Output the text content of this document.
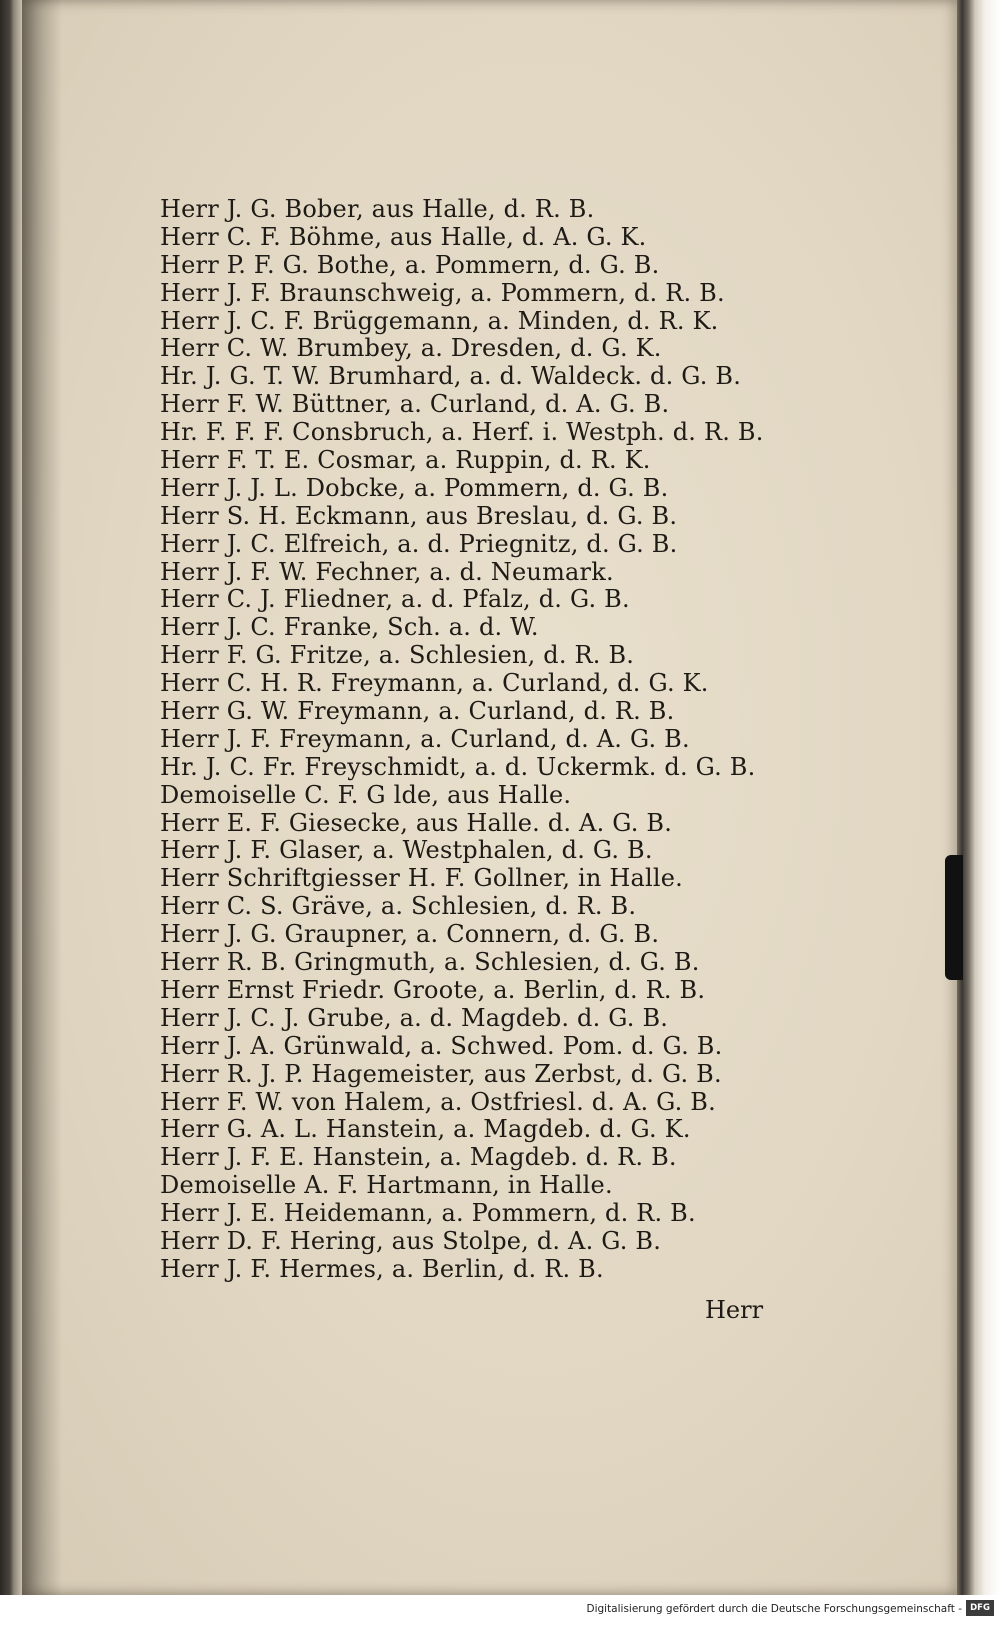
Herr J. G. Bober, aus Halle, d. R. B.
Herr C. F. Böhme, aus Halle, d. A. G. K.
Herr P. F. G. Bothe, a. Pommern, d. G. B.
Herr J. F. Braunschweig, a. Pommern, d. R. B.
Herr J. C. F. Brüggemann, a. Minden, d. R. K.
Herr C. W. Brumbey, a. Dresden, d. G. K.
Hr. J. G. T. W. Brumhard, a. d. Waldeck. d. G. B.
Herr F. W. Büttner, a. Curland, d. A. G. B.
Hr. F. F. F. Consbruch, a. Herf. i. Westph. d. R. B.
Herr F. T. E. Cosmar, a. Ruppin, d. R. K.
Herr J. J. L. Dobcke, a. Pommern, d. G. B.
Herr S. H. Eckmann, aus Breslau, d. G. B.
Herr J. C. Elfreich, a. d. Priegnitz, d. G. B.
Herr J. F. W. Fechner, a. d. Neumark.
Herr C. J. Fliedner, a. d. Pfalz, d. G. B.
Herr J. C. Franke, Sch. a. d. W.
Herr F. G. Fritze, a. Schlesien, d. R. B.
Herr C. H. R. Freymann, a. Curland, d. G. K.
Herr G. W. Freymann, a. Curland, d. R. B.
Herr J. F. Freymann, a. Curland, d. A. G. B.
Hr. J. C. Fr. Freyschmidt, a. d. Uckermk. d. G. B.
Demoiselle C. F. G lde, aus Halle.
Herr E. F. Giesecke, aus Halle. d. A. G. B.
Herr J. F. Glaser, a. Westphalen, d. G. B.
Herr Schriftgiesser H. F. Gollner, in Halle.
Herr C. S. Gräve, a. Schlesien, d. R. B.
Herr J. G. Graupner, a. Connern, d. G. B.
Herr R. B. Gringmuth, a. Schlesien, d. G. B.
Herr Ernst Friedr. Groote, a. Berlin, d. R. B.
Herr J. C. J. Grube, a. d. Magdeb. d. G. B.
Herr J. A. Grünwald, a. Schwed. Pom. d. G. B.
Herr R. J. P. Hagemeister, aus Zerbst, d. G. B.
Herr F. W. von Halem, a. Ostfriesl. d. A. G. B.
Herr G. A. L. Hanstein, a. Magdeb. d. G. K.
Herr J. F. E. Hanstein, a. Magdeb. d. R. B.
Demoiselle A. F. Hartmann, in Halle.
Herr J. E. Heidemann, a. Pommern, d. R. B.
Herr D. F. Hering, aus Stolpe, d. A. G. B.
Herr J. F. Hermes, a. Berlin, d. R. B.
Herr
Digitalisierung gefördert durch die Deutsche Forschungsgemeinschaft - DFG
